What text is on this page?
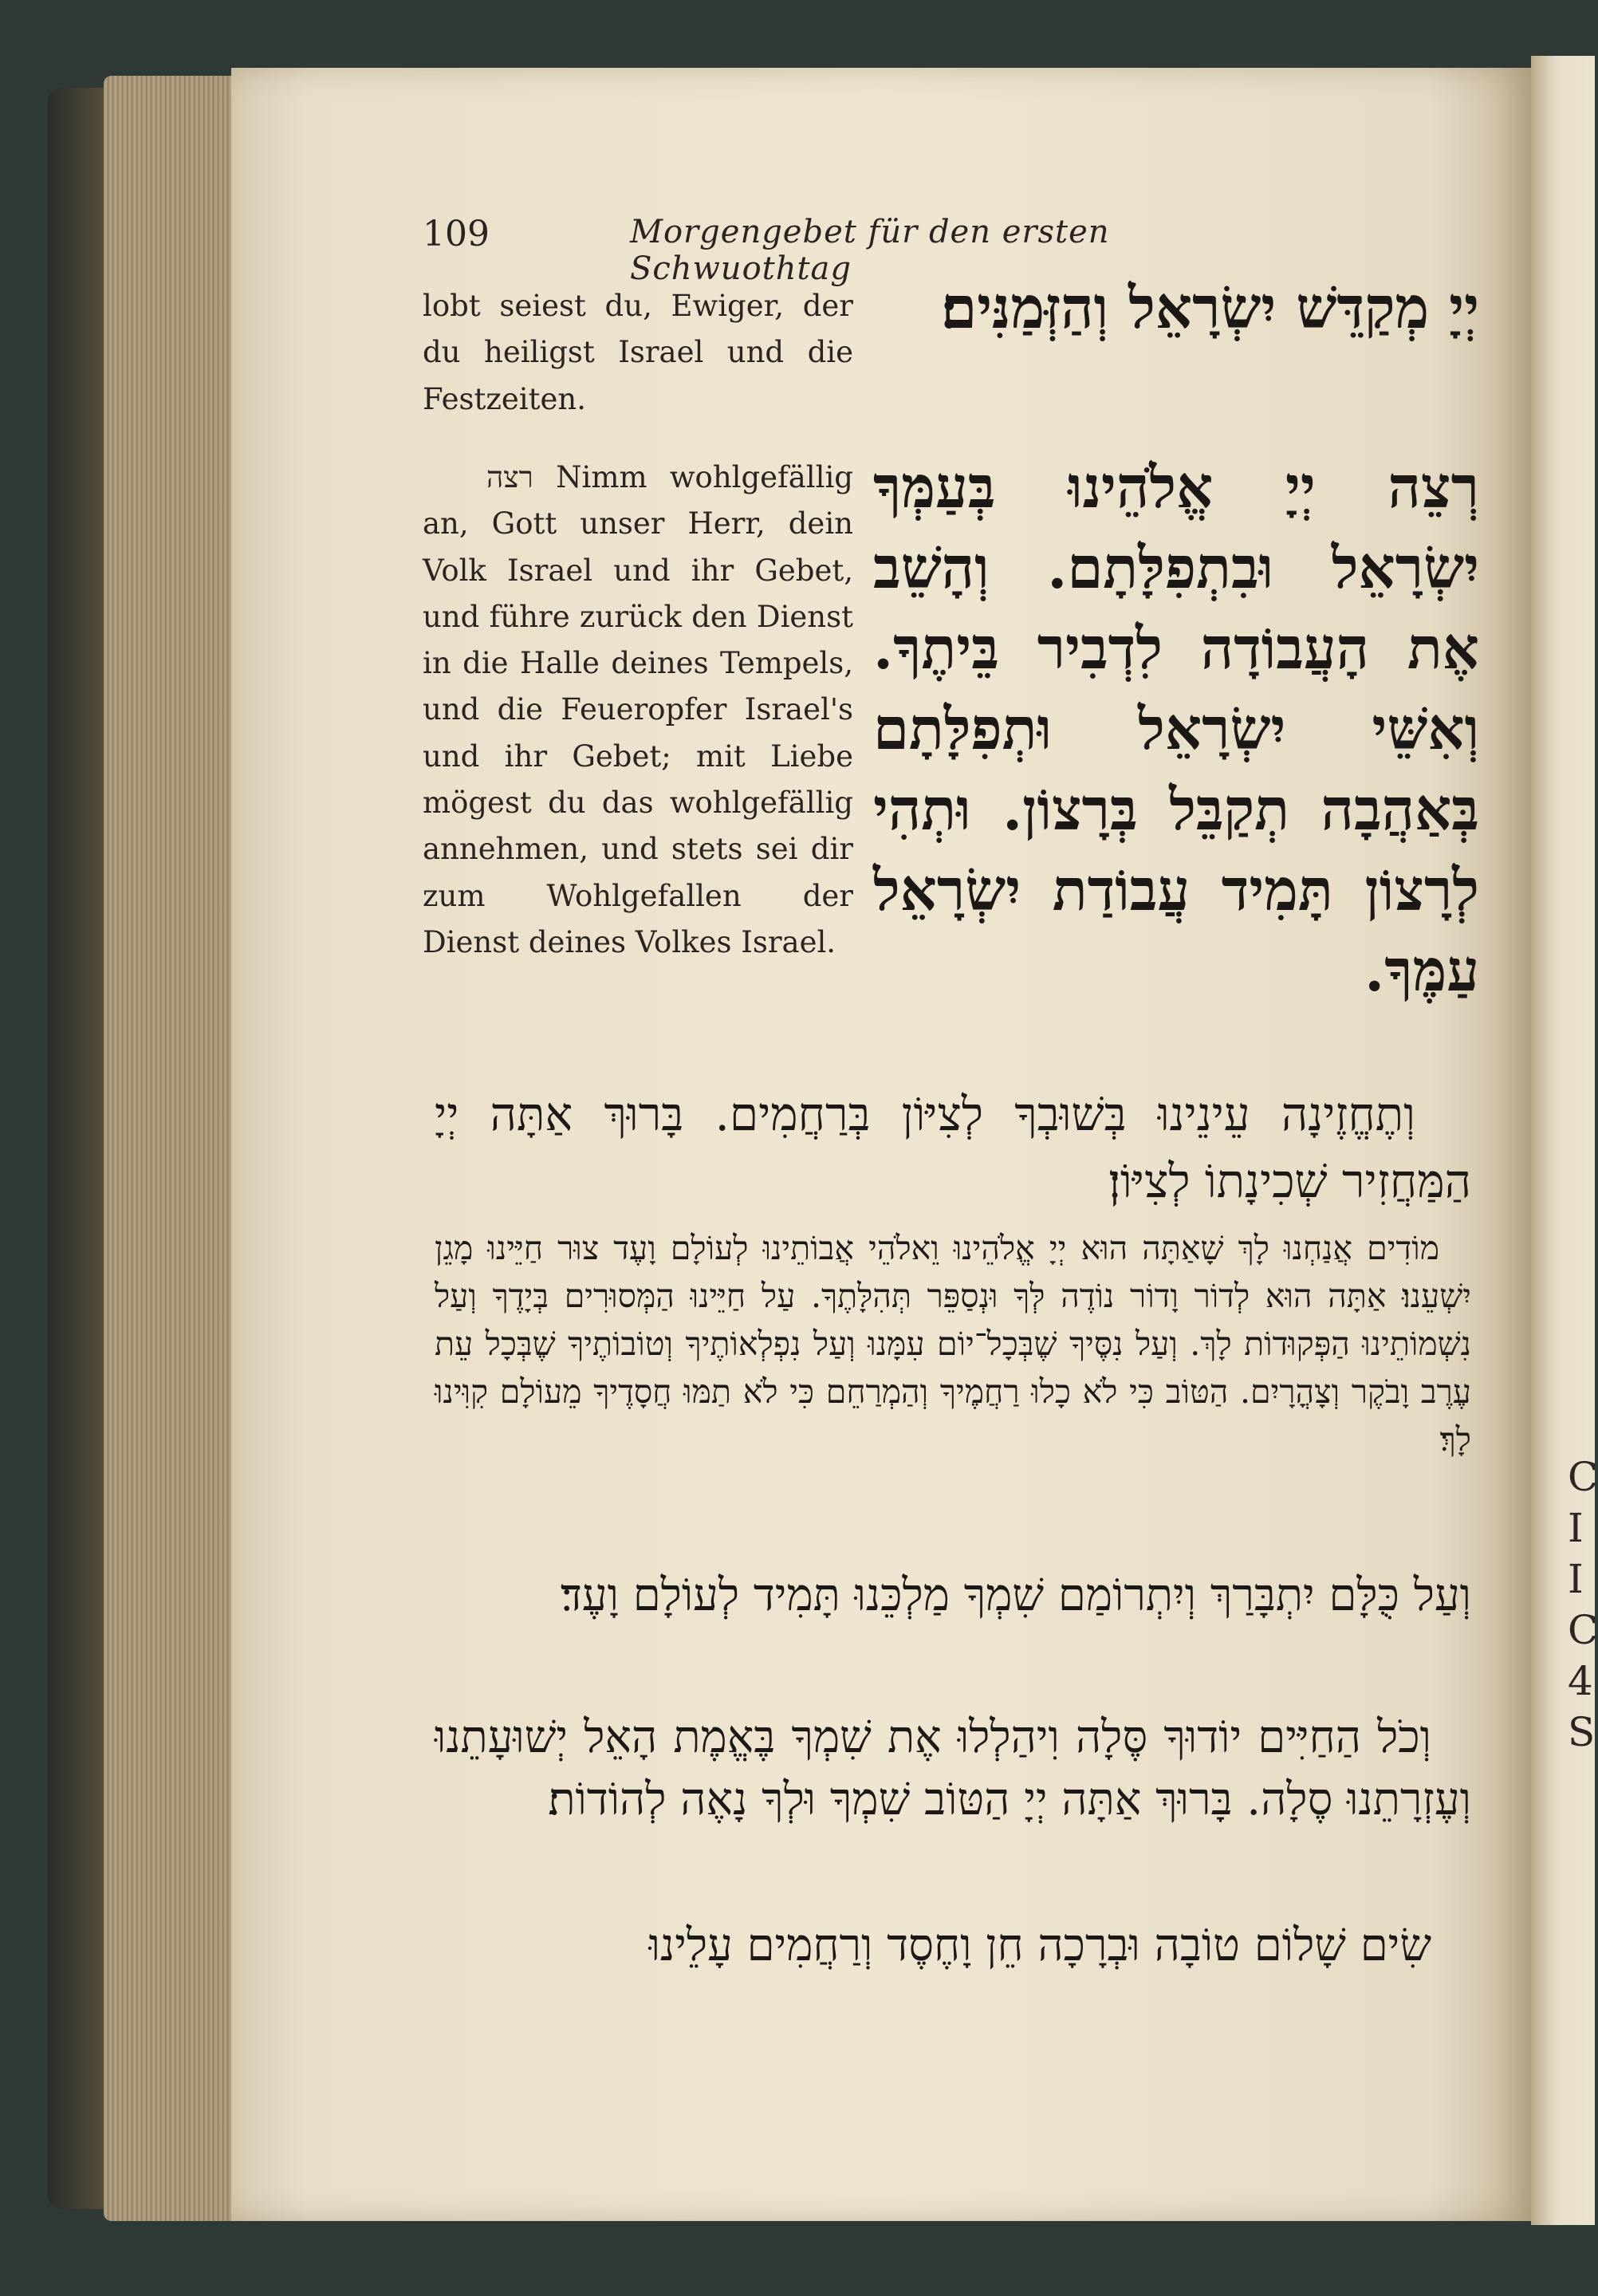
C I I C 4 S
109	Morgengebet für den ersten Schwuothtag

lobt seiest du, Ewiger, der du heiligst Israel und die Festzeiten.

רצה Nimm wohlgefällig an, Gott unser Herr, dein Volk Israel und ihr Gebet, und führe zurück den Dienst in die Halle deines Tempels, und die Feueropfer Israel's und ihr Gebet; mit Liebe mögest du das wohlgefällig annehmen, und stets sei dir zum Wohlgefallen der Dienst deines Volkes Israel.

יְיָ מְקַדֵּשׁ יִשְׂרָאֵל וְהַזְּמַנִּים׃

רְצֵה יְיָ אֱלֹהֵינוּ בְּעַמְּךָ יִשְׂרָאֵל וּבִתְפִלָּתָם. וְהָשֵׁב אֶת הָעֲבוֹדָה לִדְבִיר בֵּיתֶךָ. וְאִשֵּׁי יִשְׂרָאֵל וּתְפִלָּתָם בְּאַהֲבָה תְקַבֵּל בְּרָצוֹן. וּתְהִי לְרָצוֹן תָּמִיד עֲבוֹדַת יִשְׂרָאֵל עַמֶּךָ.

וְתֶחֱזֶינָה עֵינֵינוּ בְּשׁוּבְךָ לְצִיּוֹן בְּרַחֲמִים. בָּרוּךְ אַתָּה יְיָ הַמַּחֲזִיר שְׁכִינָתוֹ לְצִיּוֹן׃

מוֹדִים אֲנַחְנוּ לָךְ שָׁאַתָּה הוּא יְיָ אֱלֹהֵינוּ וֵאלֹהֵי אֲבוֹתֵינוּ לְעוֹלָם וָעֶד צוּר חַיֵּינוּ מָגֵן יִשְׁעֵנוּ׃ אַתָּה הוּא לְדוֹר וָדוֹר נוֹדֶה לְּךָ וּנְסַפֵּר תְּהִלָּתֶךָ. עַל חַיֵּינוּ הַמְּסוּרִים בְּיָדֶךָ וְעַל נִשְׁמוֹתֵינוּ הַפְּקוּדוֹת לָךְ. וְעַל נִסֶּיךָ שֶׁבְּכָל־יוֹם עִמָּנוּ וְעַל נִפְלְאוֹתֶיךָ וְטוֹבוֹתֶיךָ שֶׁבְּכָל עֵת עֶרֶב וָבֹקֶר וְצָהֳרָיִם. הַטּוֹב כִּי לֹא כָלוּ רַחֲמֶיךָ וְהַמְרַחֵם כִּי לֹא תַמּוּ חֲסָדֶיךָ מֵעוֹלָם קִוִּינוּ לָךְ׃

וְעַל כֻּלָּם יִתְבָּרַךְ וְיִתְרוֹמַם שִׁמְךָ מַלְכֵּנוּ תָּמִיד לְעוֹלָם וָעֶד׃

וְכֹל הַחַיִּים יוֹדוּךָ סֶּלָה וִיהַלְלוּ אֶת שִׁמְךָ בֶּאֱמֶת הָאֵל יְשׁוּעָתֵנוּ וְעֶזְרָתֵנוּ סֶלָה. בָּרוּךְ אַתָּה יְיָ הַטּוֹב שִׁמְךָ וּלְךָ נָאֶה לְהוֹדוֹת׃

שִׂים שָׁלוֹם טוֹבָה וּבְרָכָה חֵן וָחֶסֶד וְרַחֲמִים עָלֵינוּ
